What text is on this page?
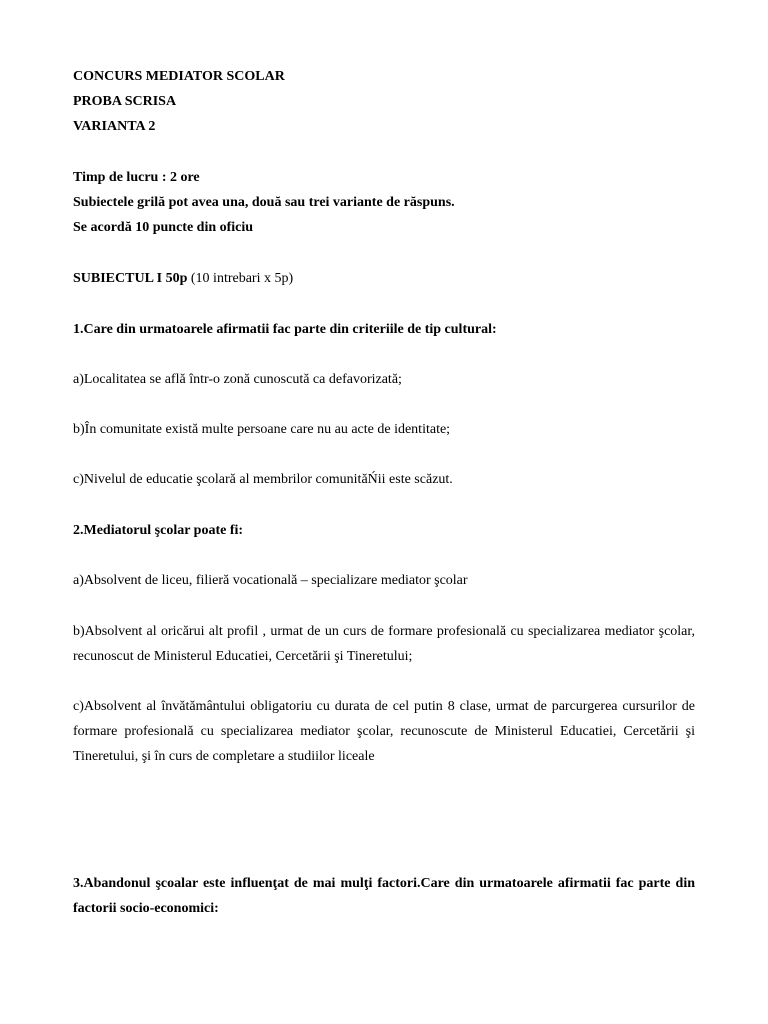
CONCURS MEDIATOR SCOLAR
PROBA SCRISA
VARIANTA 2
Timp de lucru : 2 ore
Subiectele grilă pot avea una, două sau trei variante de răspuns.
Se acordă 10 puncte din oficiu
SUBIECTUL I 50p (10 intrebari x 5p)
1.Care din urmatoarele afirmatii fac parte din criteriile de tip cultural:
a)Localitatea se află într-o zonă cunoscută ca defavorizată;
b)În comunitate există multe persoane care nu au acte de identitate;
c)Nivelul de educatie şcolară al membrilor comunităŃii este scăzut.
2.Mediatorul şcolar poate fi:
a)Absolvent de liceu, filieră vocatională – specializare mediator şcolar
b)Absolvent al oricărui alt profil , urmat de un curs de formare profesională cu specializarea mediator şcolar, recunoscut de Ministerul Educatiei, Cercetării şi Tineretului;
c)Absolvent al învătământului obligatoriu cu durata de cel putin 8 clase, urmat de parcurgerea cursurilor de formare profesională cu specializarea mediator şcolar, recunoscute de Ministerul Educatiei, Cercetării şi Tineretului, şi în curs de completare a studiilor liceale
3.Abandonul şcoalar este influenţat de mai mulţi factori.Care din urmatoarele afirmatii fac parte din factorii socio-economici:
